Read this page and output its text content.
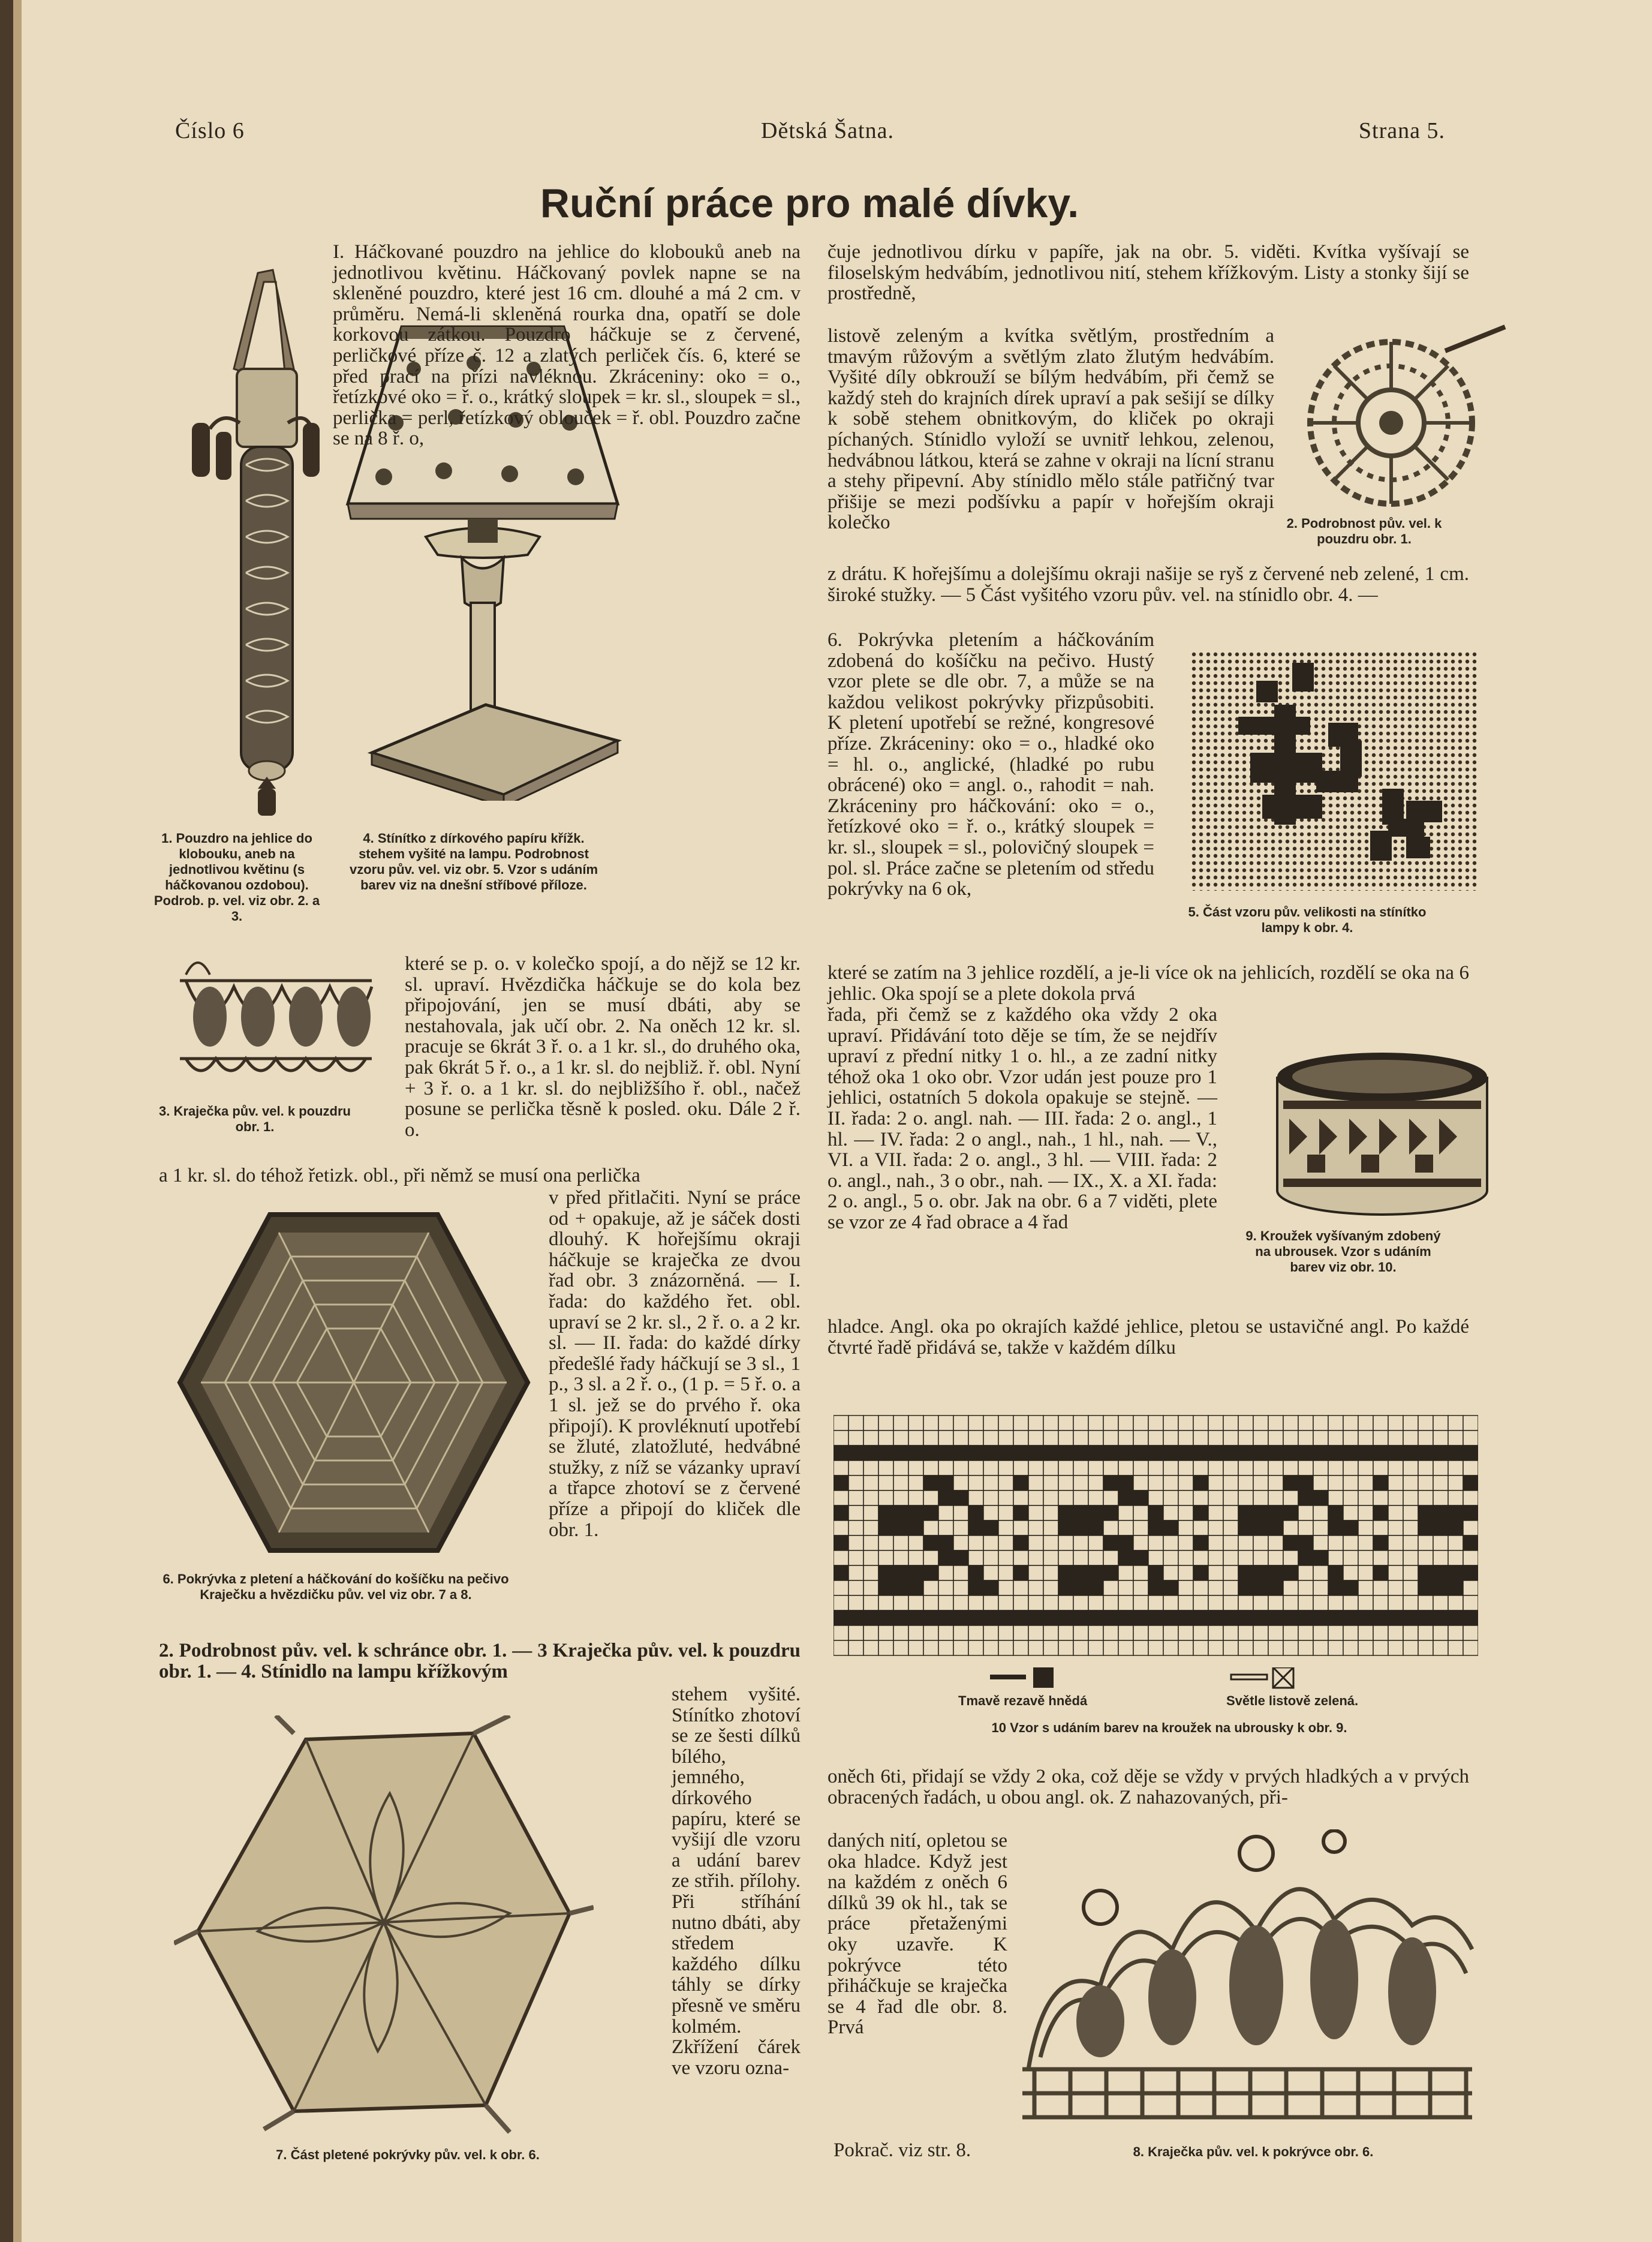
Číslo 6	Dětská Šatna.	Strana 5.
Ruční práce pro malé dívky.

1. Pouzdro na jehlice do klobouku, aneb na jednotlivou květinu (s háčkovanou ozdobou). Podrob. p. vel. viz obr. 2. a 3.

4. Stínítko z dírkového papíru křížk. stehem vyšité na lampu. Podrobnost vzoru pův. vel. viz obr. 5. Vzor s udáním barev viz na dnešní stříbové příloze.

3. Kraječka pův. vel. k pouzdru obr. 1.

6. Pokrývka z pletení a háčkování do košíčku na pečivo Kraječku a hvězdičku pův. vel viz obr. 7 a 8.

7. Část pletené pokrývky pův. vel. k obr. 6.

I. Háčkované pouzdro na jehlice do klobouků aneb na jednotlivou květinu. Háčkovaný povlek napne se na skleněné pouzdro, které jest 16 cm. dlouhé a má 2 cm. v průměru. Nemá-li skleněná rourka dna, opatří se dole korkovou zátkou. Pouzdro háčkuje se z červené, perličkové příze č. 12 a zlatých perliček čís. 6, které se před prací na přízi navléknou. Zkráceniny: oko = o., řetízkové oko = ř. o., krátký sloupek = kr. sl., sloupek = sl., perlička = perl, řetízkový oblouček = ř. obl. Pouzdro začne se na 8 ř. o,

které se p. o. v kolečko spojí, a do nějž se 12 kr. sl. upraví. Hvězdička háčkuje se do kola bez připojování, jen se musí dbáti, aby se nestahovala, jak učí obr. 2. Na oněch 12 kr. sl. pracuje se 6krát 3 ř. o. a 1 kr. sl., do druhého oka, pak 6krát 5 ř. o., a 1 kr. sl. do nejbliž. ř. obl. Nyní + 3 ř. o. a 1 kr. sl. do nejbližšího ř. obl., načež posune se perlička těsně k posled. oku. Dále 2 ř. o.

a 1 kr. sl. do téhož řetizk. obl., při němž se musí ona perlička

v před přitlačiti. Nyní se práce od + opakuje, až je sáček dosti dlouhý. K hořejšímu okraji háčkuje se kraječka ze dvou řad obr. 3 znázorněná. — I. řada: do každého řet. obl. upraví se 2 kr. sl., 2 ř. o. a 2 kr. sl. — II. řada: do každé dírky předešlé řady háčkují se 3 sl., 1 p., 3 sl. a 2 ř. o., (1 p. = 5 ř. o. a 1 sl. jež se do prvého ř. oka připojí). K provléknutí upotřebí se žluté, zlatožluté, hedvábné stužky, z níž se vázanky upraví a třapce zhotoví se z červené příze a připojí do kliček dle obr. 1.

2. Podrobnost pův. vel. k schránce obr. 1. — 3 Kraječka pův. vel. k pouzdru obr. 1. — 4. Stínidlo na lampu křížkovým

stehem vyšité. Stínítko zhotoví se ze šesti dílků bílého, jemného, dírkového papíru, které se vyšijí dle vzoru a udání barev ze střih. přílohy. Při stříhání nutno dbáti, aby středem každého dílku táhly se dírky přesně ve směru kolmém. Zkřížení čárek ve vzoru ozna-

2. Podrobnost pův. vel. k pouzdru obr. 1.

5. Část vzoru pův. velikosti na stínítko lampy k obr. 4.

9. Kroužek vyšívaným zdobený na ubrousek. Vzor s udáním barev viz obr. 10.

čuje jednotlivou dírku v papíře, jak na obr. 5. viděti. Kvítka vyšívají se filoselským hedvábím, jednotlivou nití, stehem křížkovým. Listy a stonky šijí se prostředně,

listově zeleným a kvítka světlým, prostředním a tmavým růžovým a světlým zlato žlutým hedvábím. Vyšité díly obkrouží se bílým hedvábím, při čemž se každý steh do krajních dírek upraví a pak sešijí se dílky k sobě stehem obnitkovým, do kliček po okraji píchaných. Stínidlo vyloží se uvnitř lehkou, zelenou, hedvábnou látkou, která se zahne v okraji na lícní stranu a stehy připevní. Aby stínidlo mělo stále patřičný tvar přišije se mezi podšívku a papír v hořejším okraji kolečko

z drátu. K hořejšímu a dolejšímu okraji našije se ryš z červené neb zelené, 1 cm. široké stužky. — 5 Část vyšitého vzoru pův. vel. na stínidlo obr. 4. —

6. Pokrývka pletením a háčkováním zdobená do košíčku na pečivo. Hustý vzor plete se dle obr. 7, a může se na každou velikost pokrývky přizpůsobiti. K pletení upotřebí se režné, kongresové příze. Zkráceniny: oko = o., hladké oko = hl. o., anglické, (hladké po rubu obrácené) oko = angl. o., rahodit = nah. Zkráceniny pro háčkování: oko = o., řetízkové oko = ř. o., krátký sloupek = kr. sl., sloupek = sl., polovičný sloupek = pol. sl. Práce začne se pletením od středu pokrývky na 6 ok,

které se zatím na 3 jehlice rozdělí, a je-li více ok na jehlicích, rozdělí se oka na 6 jehlic. Oka spojí se a plete dokola prvá

řada, při čemž se z každého oka vždy 2 oka upraví. Přidávání toto děje se tím, že se nejdřív upraví z přední nitky 1 o. hl., a ze zadní nitky téhož oka 1 oko obr. Vzor udán jest pouze pro 1 jehlici, ostatních 5 dokola opakuje se stejně. — II. řada: 2 o. angl. nah. — III. řada: 2 o. angl., 1 hl. — IV. řada: 2 o angl., nah., 1 hl., nah. — V., VI. a VII. řada: 2 o. angl., 3 hl. — VIII. řada: 2 o. angl., nah., 3 o obr., nah. — IX., X. a XI. řada: 2 o. angl., 5 o. obr. Jak na obr. 6 a 7 viděti, plete se vzor ze 4 řad obrace a 4 řad

hladce. Angl. oka po okrajích každé jehlice, pletou se ustavičné angl. Po každé čtvrté řadě přidává se, takže v každém dílku

Tmavě rezavě hnědá	Světle listově zelená.

10 Vzor s udáním barev na kroužek na ubrousky k obr. 9.

oněch 6ti, přidají se vždy 2 oka, což děje se vždy v prvých hladkých a v prvých obracených řadách, u obou angl. ok. Z nahazovaných, při-

daných nití, opletou se oka hladce. Když jest na každém z oněch 6 dílků 39 ok hl., tak se práce přetaženými oky uzavře. K pokrývce této přiháčkuje se kraječka se 4 řad dle obr. 8. Prvá

Pokrač. viz str. 8.	8. Kraječka pův. vel. k pokrývce obr. 6.
